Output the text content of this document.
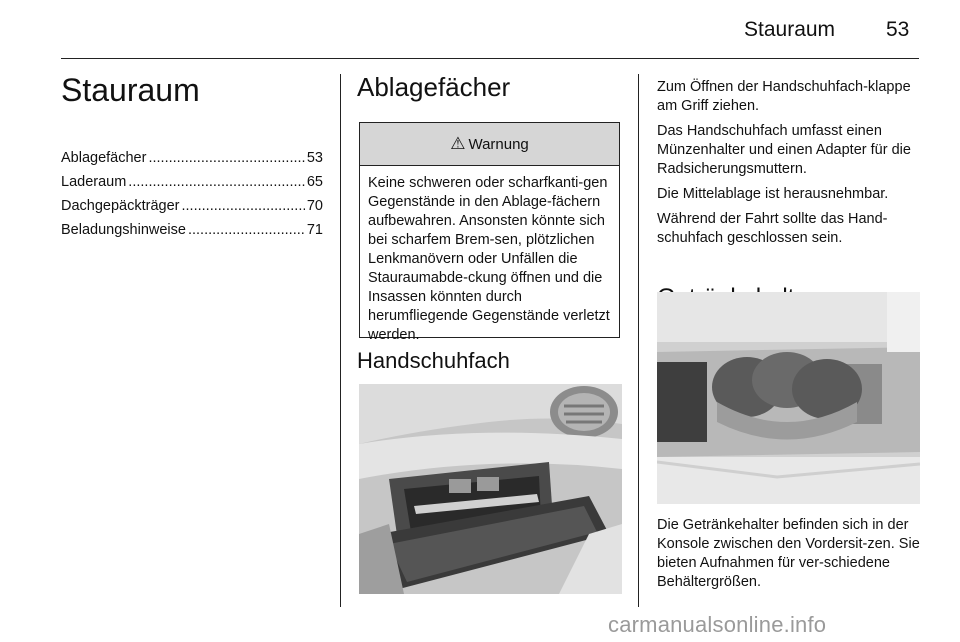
Stauraum 53
Stauraum
Ablagefächer .....	53
Laderaum .....	65
Dachgepäckträger .....	70
Beladungshinweise .....	71
Ablagefächer
⚠ Warnung
Keine schweren oder scharfkanti-gen Gegenstände in den Ablage-fächern aufbewahren. Ansonsten könnte sich bei scharfem Brem-sen, plötzlichen Lenkmanövern oder Unfällen die Stauraumabde-ckung öffnen und die Insassen könnten durch herumfliegende Gegenstände verletzt werden.
Handschuhfach

Zum Öffnen der Handschuhfach-klappe am Griff ziehen.

Das Handschuhfach umfasst einen Münzenhalter und einen Adapter für die Radsicherungsmuttern.

Die Mittelablage ist herausnehmbar.

Während der Fahrt sollte das Hand-schuhfach geschlossen sein.

Die Getränkehalter befinden sich in der Konsole zwischen den Vordersit-zen. Sie bieten Aufnahmen für ver-schiedene Behältergrößen.

carmanualsonline.info
